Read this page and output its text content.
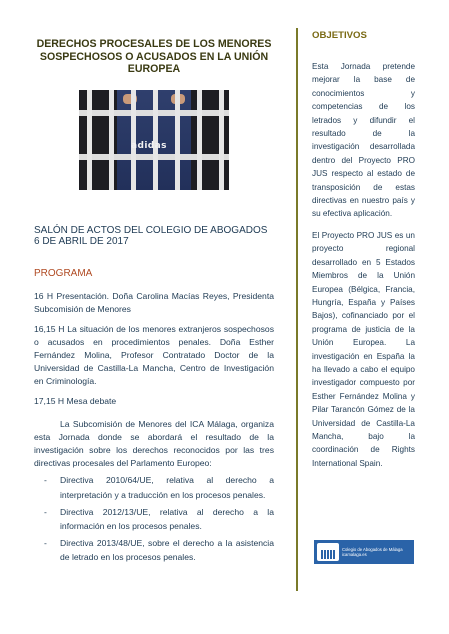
DERECHOS PROCESALES DE LOS MENORES SOSPECHOSOS O ACUSADOS EN LA UNIÓN EUROPEA
adidas
SALÓN DE ACTOS DEL COLEGIO DE ABOGADOS
6 DE ABRIL DE 2017
PROGRAMA

16 H Presentación. Doña Carolina Macías Reyes, Presidenta Subcomisión de Menores

16,15 H La situación de los menores extranjeros sospechosos o acusados en procedimientos penales. Doña Esther Fernández Molina, Profesor Contratado Doctor de la Universidad de Castilla-La Mancha, Centro de Investigación en Criminología.

17,15 H Mesa debate

La Subcomisión de Menores del ICA Málaga, organiza esta Jornada donde se abordará el resultado de la investigación sobre los derechos reconocidos por las tres directivas procesales del Parlamento Europeo:

- Directiva 2010/64/UE, relativa al derecho a interpretación y a traducción en los procesos penales.
- Directiva 2012/13/UE, relativa al derecho a la información en los procesos penales.
- Directiva 2013/48/UE, sobre el derecho a la asistencia de letrado en los procesos penales.
OBJETIVOS

Esta Jornada pretende mejorar la base de conocimientos y competencias de los letrados y difundir el resultado de la investigación desarrollada dentro del Proyecto PRO JUS respecto al estado de transposición de estas directivas en nuestro país y su efectiva aplicación.

El Proyecto PRO JUS es un proyecto regional desarrollado en 5 Estados Miembros de la Unión Europea (Bélgica, Francia, Hungría, España y Países Bajos), cofinanciado por el programa de justicia de la Unión Europea. La investigación en España la ha llevado a cabo el equipo investigador compuesto por Esther Fernández Molina y Pilar Tarancón Gómez de la Universidad de Castilla-La Mancha, bajo la coordinación de Rights International Spain.

Colegio de Abogados de Málaga
icamalaga.es
